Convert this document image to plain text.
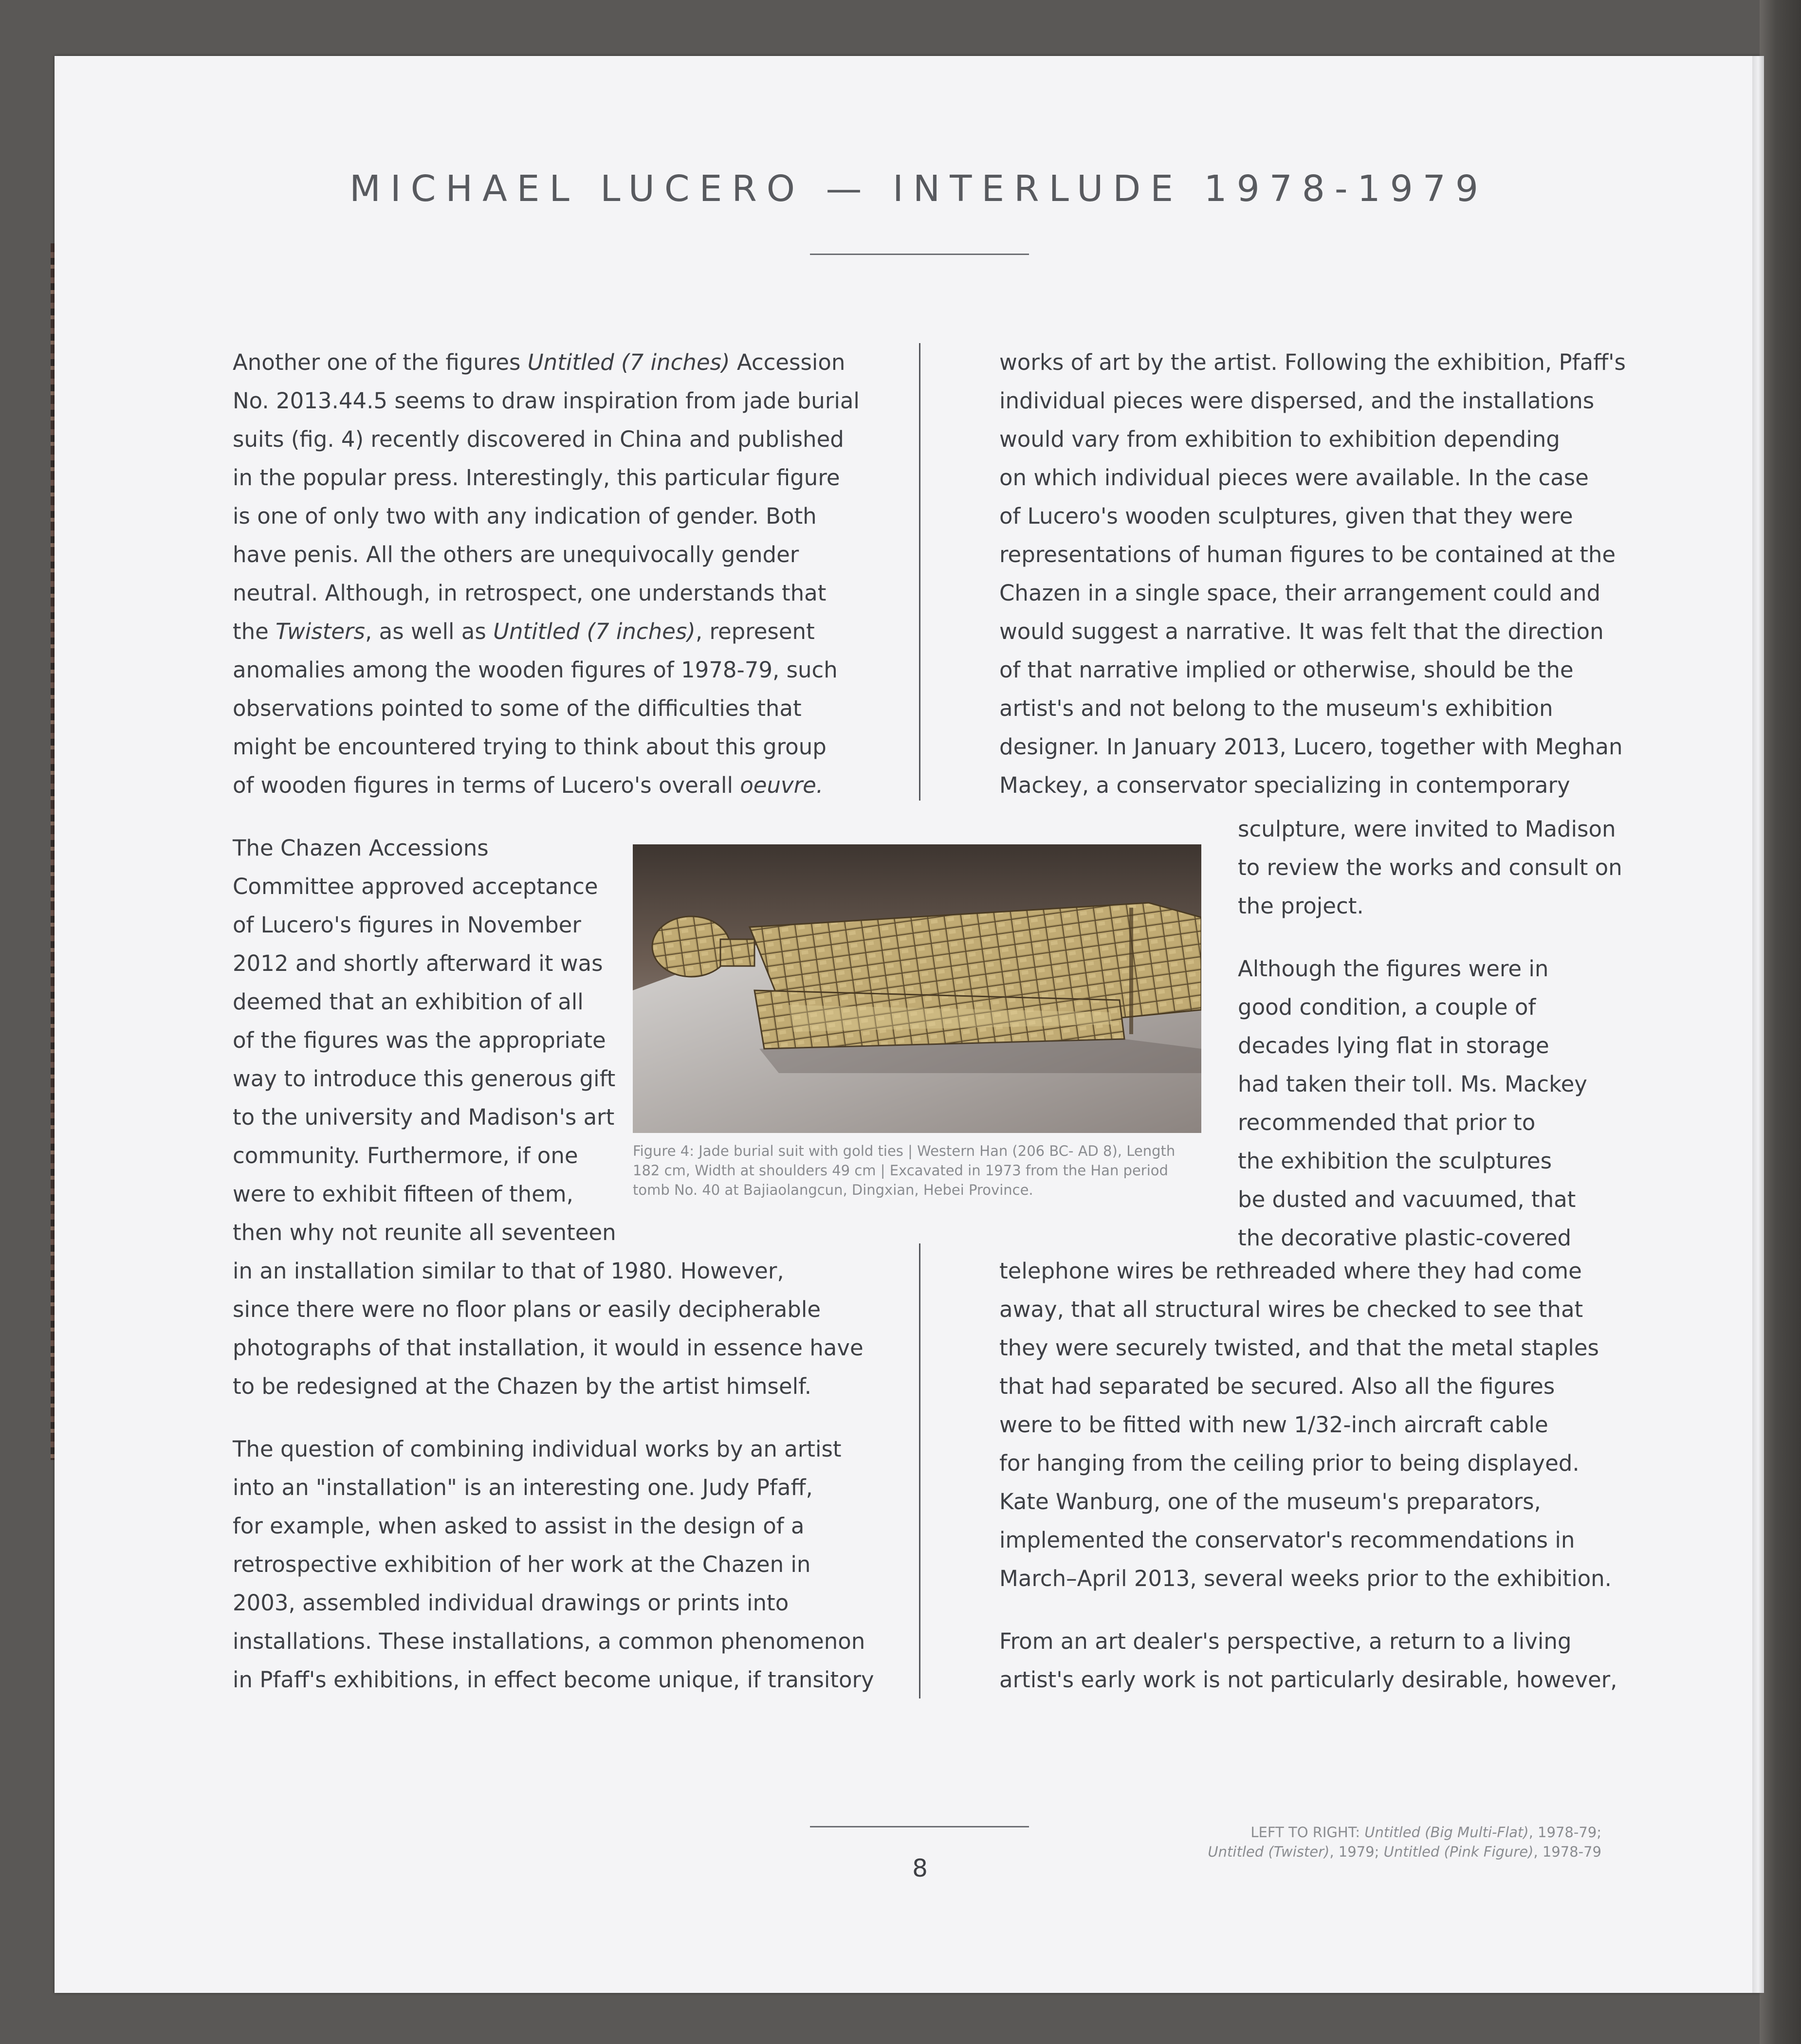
MICHAEL LUCERO — INTERLUDE 1978-1979

Another one of the figures Untitled (7 inches) Accession

No. 2013.44.5 seems to draw inspiration from jade burial

suits (fig. 4) recently discovered in China and published

in the popular press. Interestingly, this particular figure

is one of only two with any indication of gender. Both

have penis. All the others are unequivocally gender

neutral. Although, in retrospect, one understands that

the Twisters, as well as Untitled (7 inches), represent

anomalies among the wooden figures of 1978-79, such

observations pointed to some of the difficulties that

might be encountered trying to think about this group

of wooden figures in terms of Lucero's overall oeuvre.

The Chazen Accessions

Committee approved acceptance

of Lucero's figures in November

2012 and shortly afterward it was

deemed that an exhibition of all

of the figures was the appropriate

way to introduce this generous gift

to the university and Madison's art

community. Furthermore, if one

were to exhibit fifteen of them,

then why not reunite all seventeen

in an installation similar to that of 1980. However,

since there were no floor plans or easily decipherable

photographs of that installation, it would in essence have

to be redesigned at the Chazen by the artist himself.

The question of combining individual works by an artist

into an "installation" is an interesting one. Judy Pfaff,

for example, when asked to assist in the design of a

retrospective exhibition of her work at the Chazen in

2003, assembled individual drawings or prints into

installations. These installations, a common phenomenon

in Pfaff's exhibitions, in effect become unique, if transitory

works of art by the artist. Following the exhibition, Pfaff's

individual pieces were dispersed, and the installations

would vary from exhibition to exhibition depending

on which individual pieces were available. In the case

of Lucero's wooden sculptures, given that they were

representations of human figures to be contained at the

Chazen in a single space, their arrangement could and

would suggest a narrative. It was felt that the direction

of that narrative implied or otherwise, should be the

artist's and not belong to the museum's exhibition

designer. In January 2013, Lucero, together with Meghan

Mackey, a conservator specializing in contemporary

sculpture, were invited to Madison

to review the works and consult on

the project.

Although the figures were in

good condition, a couple of

decades lying flat in storage

had taken their toll. Ms. Mackey

recommended that prior to

the exhibition the sculptures

be dusted and vacuumed, that

the decorative plastic-covered

telephone wires be rethreaded where they had come

away, that all structural wires be checked to see that

they were securely twisted, and that the metal staples

that had separated be secured. Also all the figures

were to be fitted with new 1/32-inch aircraft cable

for hanging from the ceiling prior to being displayed.

Kate Wanburg, one of the museum's preparators,

implemented the conservator's recommendations in

March–April 2013, several weeks prior to the exhibition.

From an art dealer's perspective, a return to a living

artist's early work is not particularly desirable, however,

Figure 4: Jade burial suit with gold ties | Western Han (206 BC- AD 8), Length

182 cm, Width at shoulders 49 cm | Excavated in 1973 from the Han period

tomb No. 40 at Bajiaolangcun, Dingxian, Hebei Province.

8

LEFT TO RIGHT: Untitled (Big Multi-Flat), 1978-79;

Untitled (Twister), 1979; Untitled (Pink Figure), 1978-79
